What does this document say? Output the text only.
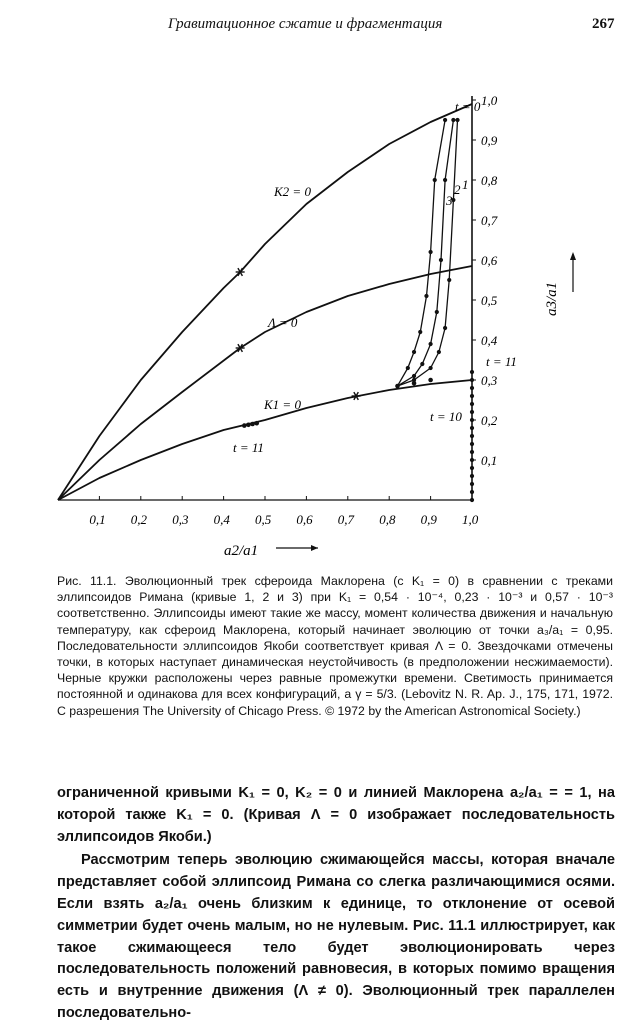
Гравитационное сжатие и фрагментация	267
0,1 0,2 0,3 0,4 0,5 0,6 0,7 0,8 0,9 1,0
0,1
0,2
0,3
0,4
0,5
0,6
0,7
0,8
0,9
1,0
K2 = 0
Λ = 0
K1 = 0
t = 0
t = 10
t = 11
t = 11
1
2
3
a2/a1
a3/a1
Рис. 11.1. Эволюционный трек сфероида Маклорена (с K₁ = 0) в сравнении с треками эллипсоидов Римана (кривые 1, 2 и 3) при K₁ = 0,54 · 10⁻⁴, 0,23 · 10⁻³ и 0,57 · 10⁻³ соответственно. Эллипсоиды имеют такие же массу, момент количества движения и начальную температуру, как сфероид Маклорена, который начинает эволюцию от точки a₃/a₁ = 0,95. Последовательности эллипсоидов Якоби соответствует кривая Λ = 0. Звездочками отмечены точки, в которых наступает динамическая неустойчивость (в предположении несжимаемости). Черные кружки расположены через равные промежутки времени. Светимость принимается постоянной и одинакова для всех конфигураций, а γ = 5/3. (Lebovitz N. R. Ap. J., 175, 171, 1972. С разрешения The University of Chicago Press. © 1972 by the American Astronomical Society.)

ограниченной кривыми K₁ = 0, K₂ = 0 и линией Маклорена a₂/a₁ = = 1, на которой также K₁ = 0. (Кривая Λ = 0 изображает последовательность эллипсоидов Якоби.)

Рассмотрим теперь эволюцию сжимающейся массы, которая вначале представляет собой эллипсоид Римана со слегка различающимися осями. Если взять a₂/a₁ очень близким к единице, то отклонение от осевой симметрии будет очень малым, но не нулевым. Рис. 11.1 иллюстрирует, как такое сжимающееся тело будет эволюционировать через последовательность положений равновесия, в которых помимо вращения есть и внутренние движения (Λ ≠ 0). Эволюционный трек параллелен последовательно-
